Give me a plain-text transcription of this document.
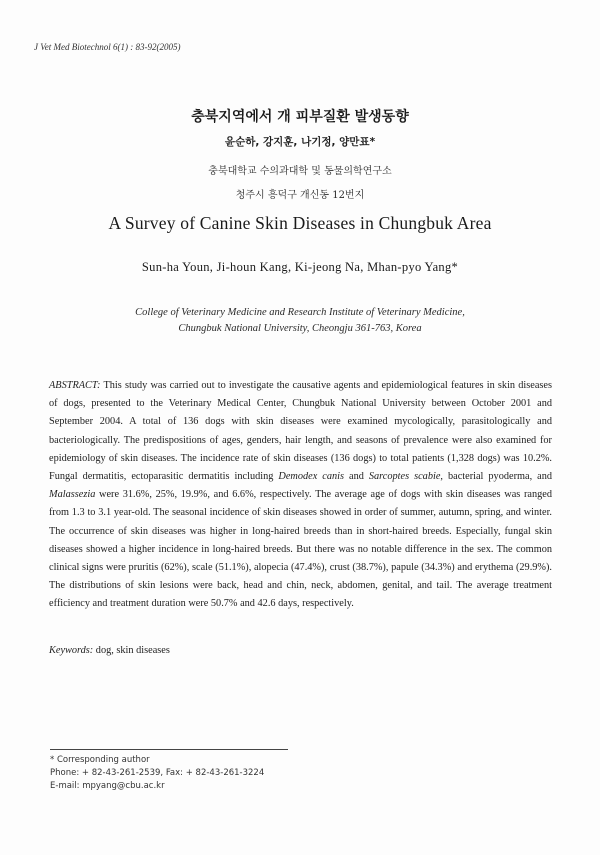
J Vet Med Biotechnol 6(1) : 83-92(2005)
충북지역에서 개 피부질환 발생동향
윤순하, 강지훈, 나기정, 양만표*
충북대학교 수의과대학 및 동물의학연구소
청주시 흥덕구 개신동 12번지
A Survey of Canine Skin Diseases in Chungbuk Area
Sun-ha Youn, Ji-houn Kang, Ki-jeong Na, Mhan-pyo Yang*
College of Veterinary Medicine and Research Institute of Veterinary Medicine,
Chungbuk National University, Cheongju 361-763, Korea

ABSTRACT: This study was carried out to investigate the causative agents and epidemiological features in skin diseases of dogs, presented to the Veterinary Medical Center, Chungbuk National University between October 2001 and September 2004. A total of 136 dogs with skin diseases were examined mycologically, parasitologically and bacteriologically. The predispositions of ages, genders, hair length, and seasons of prevalence were also examined for epidemiology of skin diseases. The incidence rate of skin diseases (136 dogs) to total patients (1,328 dogs) was 10.2%. Fungal dermatitis, ectoparasitic dermatitis including Demodex canis and Sarcoptes scabie, bacterial pyoderma, and Malassezia were 31.6%, 25%, 19.9%, and 6.6%, respectively. The average age of dogs with skin diseases was ranged from 1.3 to 3.1 year-old. The seasonal incidence of skin diseases showed in order of summer, autumn, spring, and winter. The occurrence of skin diseases was higher in long-haired breeds than in short-haired breeds. Especially, fungal skin diseases showed a higher incidence in long-haired breeds. But there was no notable difference in the sex. The common clinical signs were pruritis (62%), scale (51.1%), alopecia (47.4%), crust (38.7%), papule (34.3%) and erythema (29.9%). The distributions of skin lesions were back, head and chin, neck, abdomen, genital, and tail. The average treatment efficiency and treatment duration were 50.7% and 42.6 days, respectively.

Keywords: dog, skin diseases
* Corresponding author
Phone: + 82-43-261-2539, Fax: + 82-43-261-3224
E-mail: mpyang@cbu.ac.kr
